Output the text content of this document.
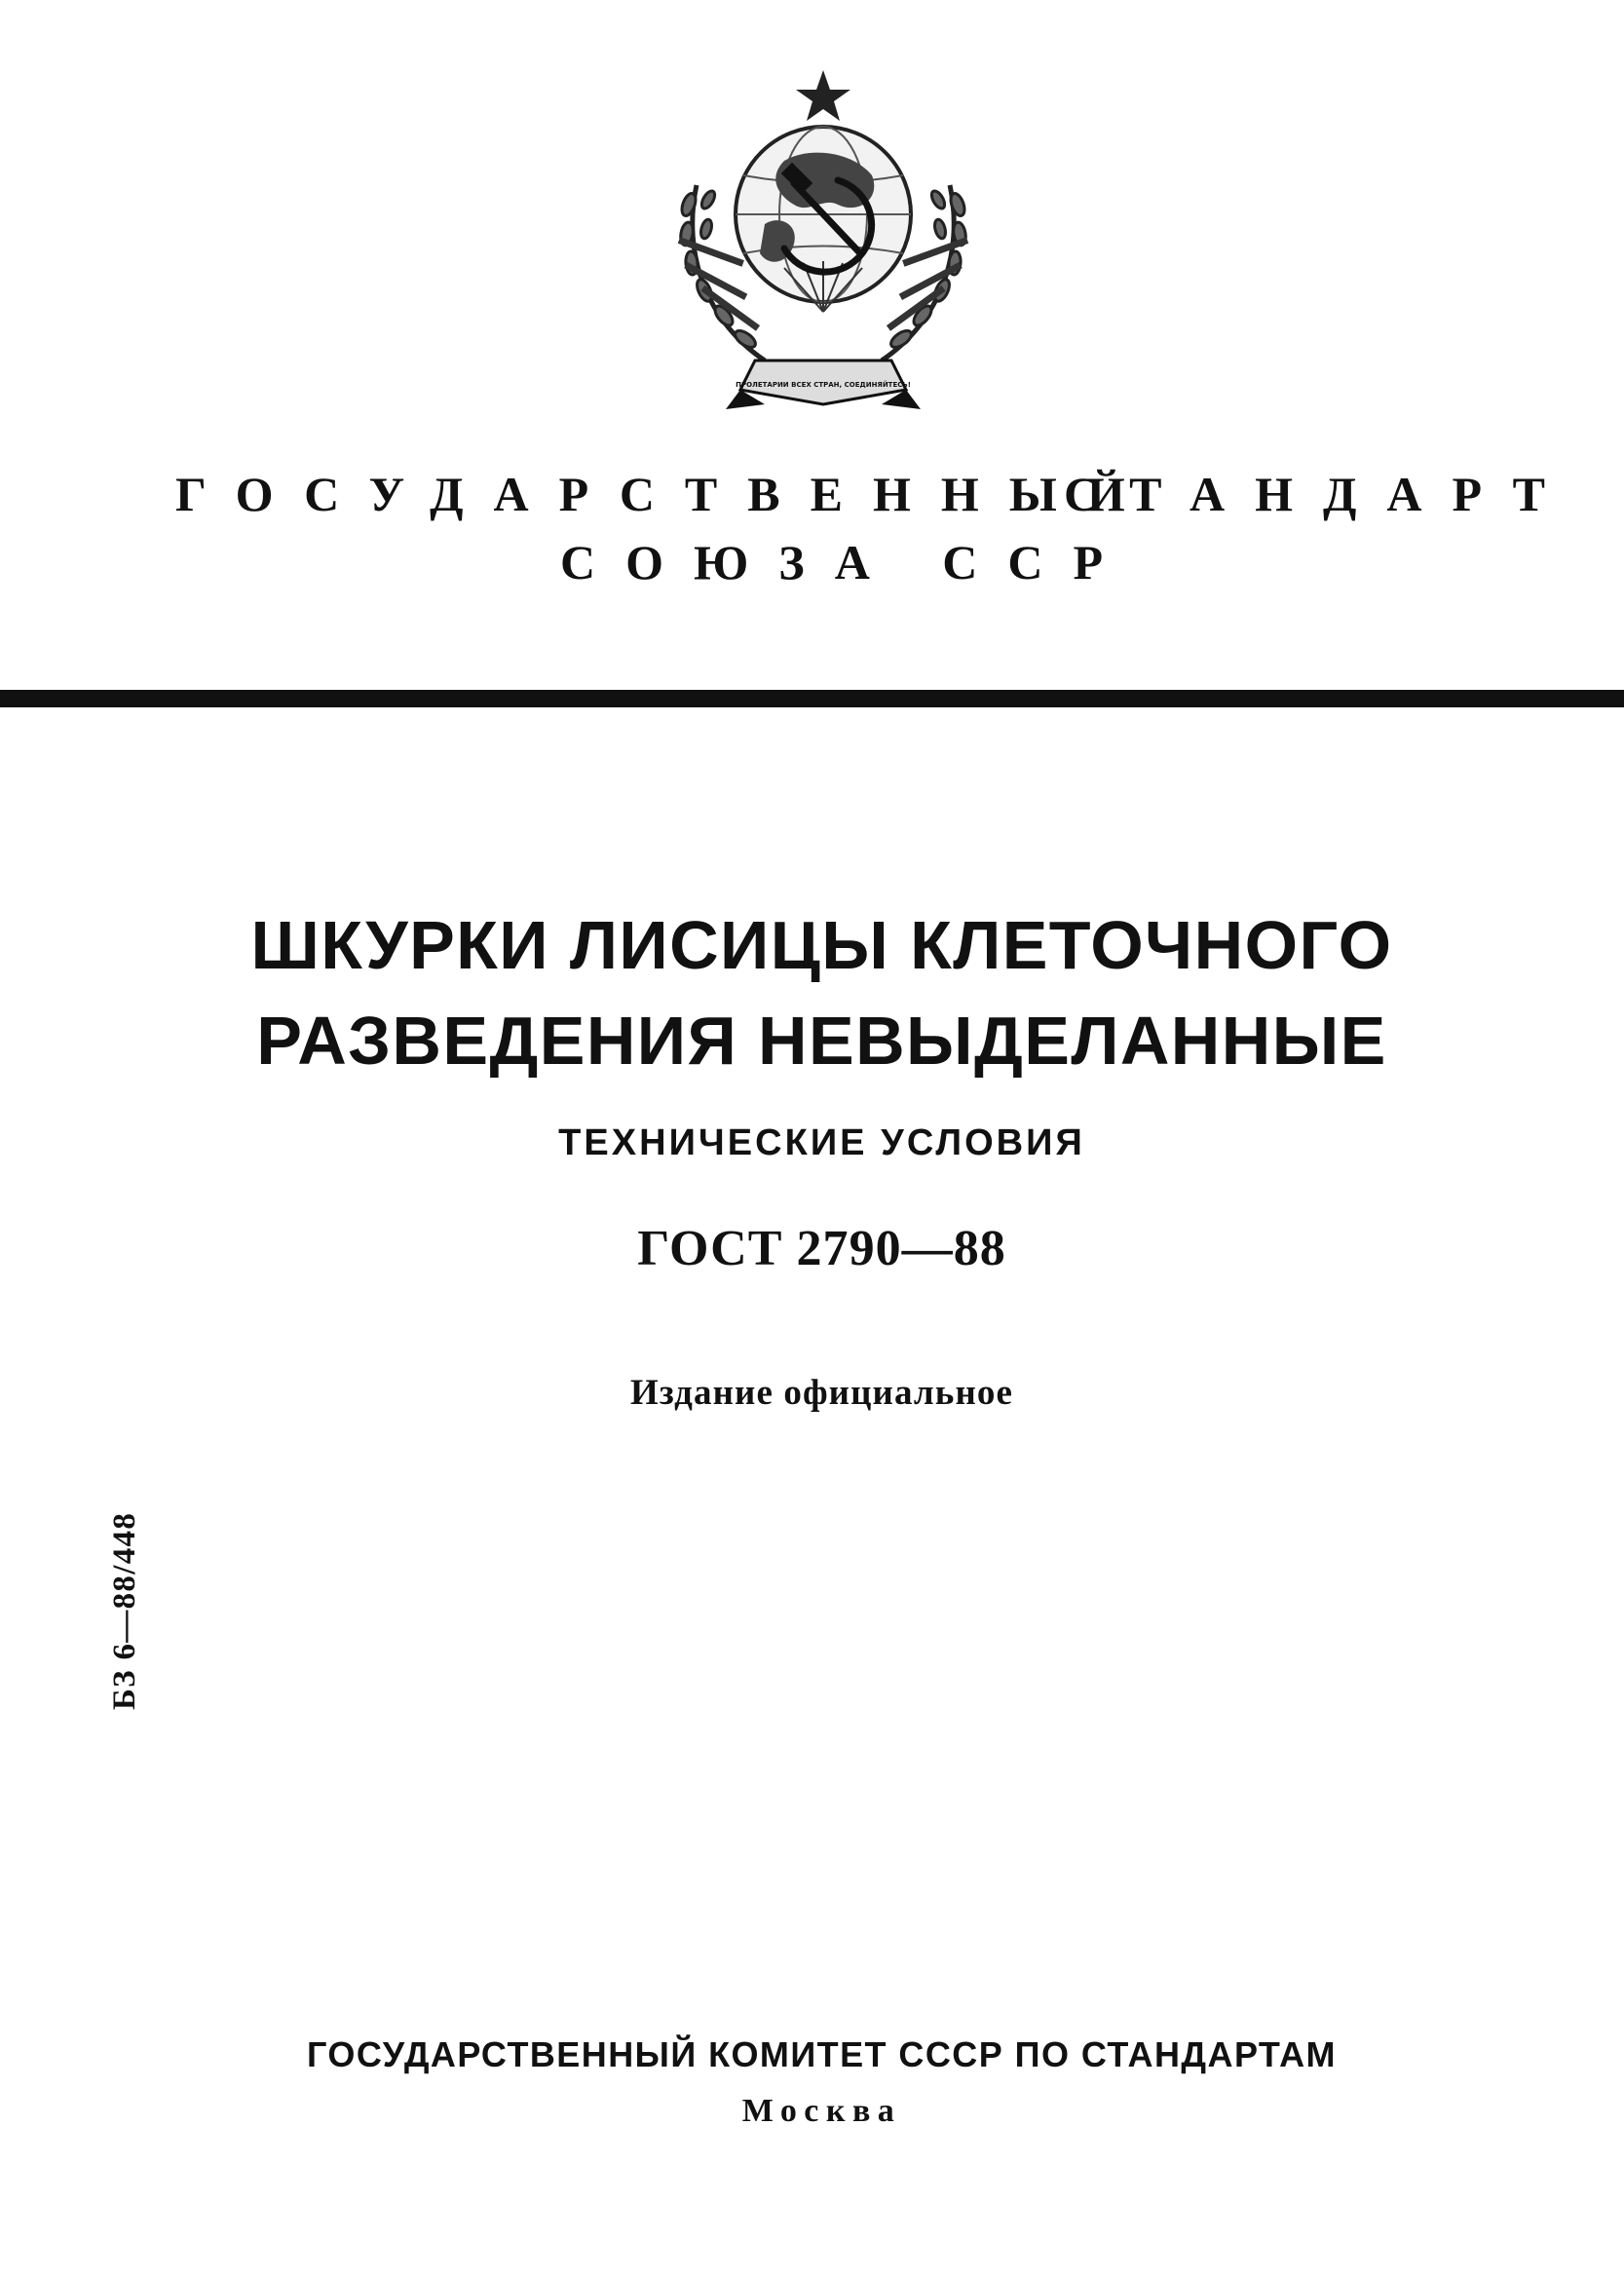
ПРОЛЕТАРИИ ВСЕХ СТРАН, СОЕДИНЯЙТЕСЬ!
ГОСУДАРСТВЕННЫЙ
СТАНДАРТ
СОЮЗА ССР
ШКУРКИ ЛИСИЦЫ КЛЕТОЧНОГО
РАЗВЕДЕНИЯ НЕВЫДЕЛАННЫЕ
ТЕХНИЧЕСКИЕ УСЛОВИЯ
ГОСТ 2790—88
Издание официальное
БЗ 6—88/448
ГОСУДАРСТВЕННЫЙ КОМИТЕТ СССР ПО СТАНДАРТАМ
Москва
